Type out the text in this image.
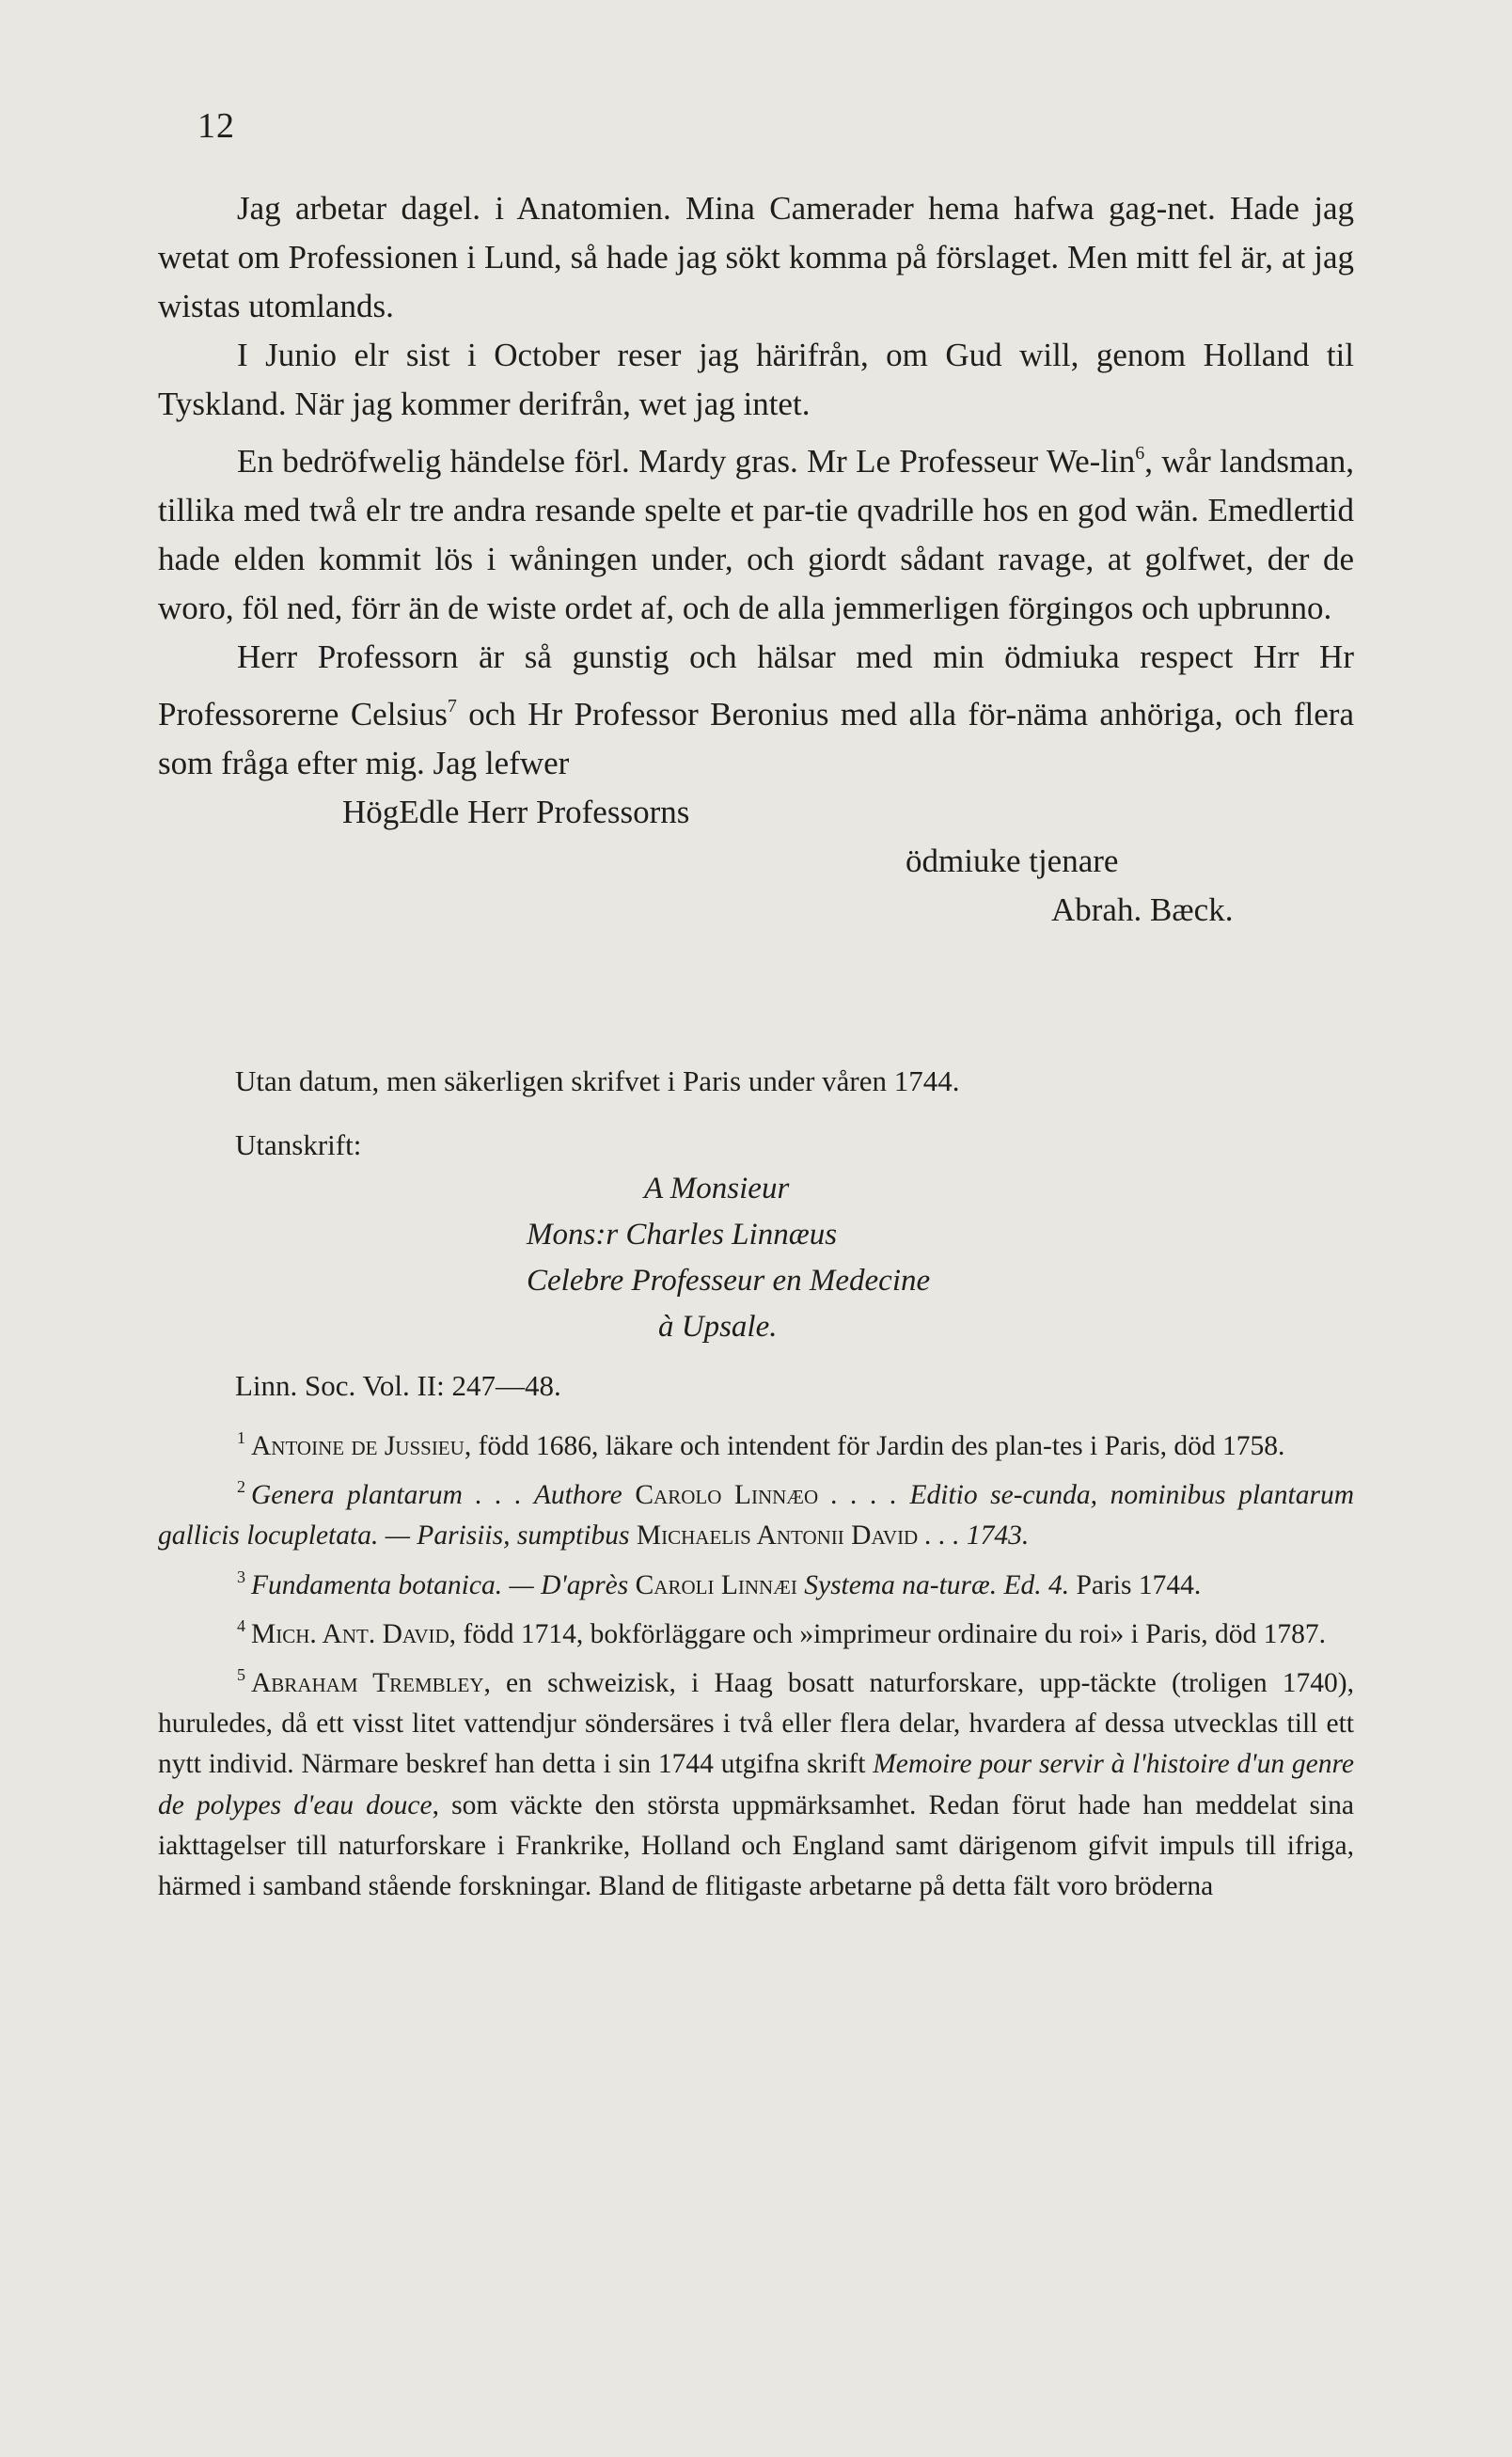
12

Jag arbetar dagel. i Anatomien. Mina Camerader hema hafwa gag-net. Hade jag wetat om Professionen i Lund, så hade jag sökt komma på förslaget. Men mitt fel är, at jag wistas utomlands.

I Junio elr sist i October reser jag härifrån, om Gud will, genom Holland til Tyskland. När jag kommer derifrån, wet jag intet.

En bedröfwelig händelse förl. Mardy gras. Mr Le Professeur We-lin$^6$, wår landsman, tillika med twå elr tre andra resande spelte et par-tie qvadrille hos en god wän. Emedlertid hade elden kommit lös i wåningen under, och giordt sådant ravage, at golfwet, der de woro, föl ned, förr än de wiste ordet af, och de alla jemmerligen förgingos och upbrunno.

Herr Professorn är så gunstig och hälsar med min ödmiuka respect Hrr Hr Professorerne Celsius$^7$ och Hr Professor Beronius med alla för-näma anhöriga, och flera som fråga efter mig. Jag lefwer

HögEdle Herr Professorns

ödmiuke tjenare

Abrah. Bæck.

Utan datum, men säkerligen skrifvet i Paris under våren 1744.
Utanskrift:
A Monsieur
Mons:r Charles Linnæus
Celebre Professeur en Medecine
à Upsale.
Linn. Soc. Vol. II: 247—48.

$^1$ Antoine de Jussieu, född 1686, läkare och intendent för Jardin des plan-tes i Paris, död 1758.

$^2$ Genera plantarum . . . Authore Carolo Linnæo . . . . Editio se-cunda, nominibus plantarum gallicis locupletata. — Parisiis, sumptibus Michaelis Antonii David . . . 1743.

$^3$ Fundamenta botanica. — D'après Caroli Linnæi Systema na-turæ. Ed. 4. Paris 1744.

$^4$ Mich. Ant. David, född 1714, bokförläggare och »imprimeur ordinaire du roi» i Paris, död 1787.

$^5$ Abraham Trembley, en schweizisk, i Haag bosatt naturforskare, upp-täckte (troligen 1740), huruledes, då ett visst litet vattendjur söndersäres i två eller flera delar, hvardera af dessa utvecklas till ett nytt individ. Närmare beskref han detta i sin 1744 utgifna skrift Memoire pour servir à l'histoire d'un genre de polypes d'eau douce, som väckte den största uppmärksamhet. Redan förut hade han meddelat sina iakttagelser till naturforskare i Frankrike, Holland och England samt därigenom gifvit impuls till ifriga, härmed i samband stående forskningar. Bland de flitigaste arbetarne på detta fält voro bröderna
